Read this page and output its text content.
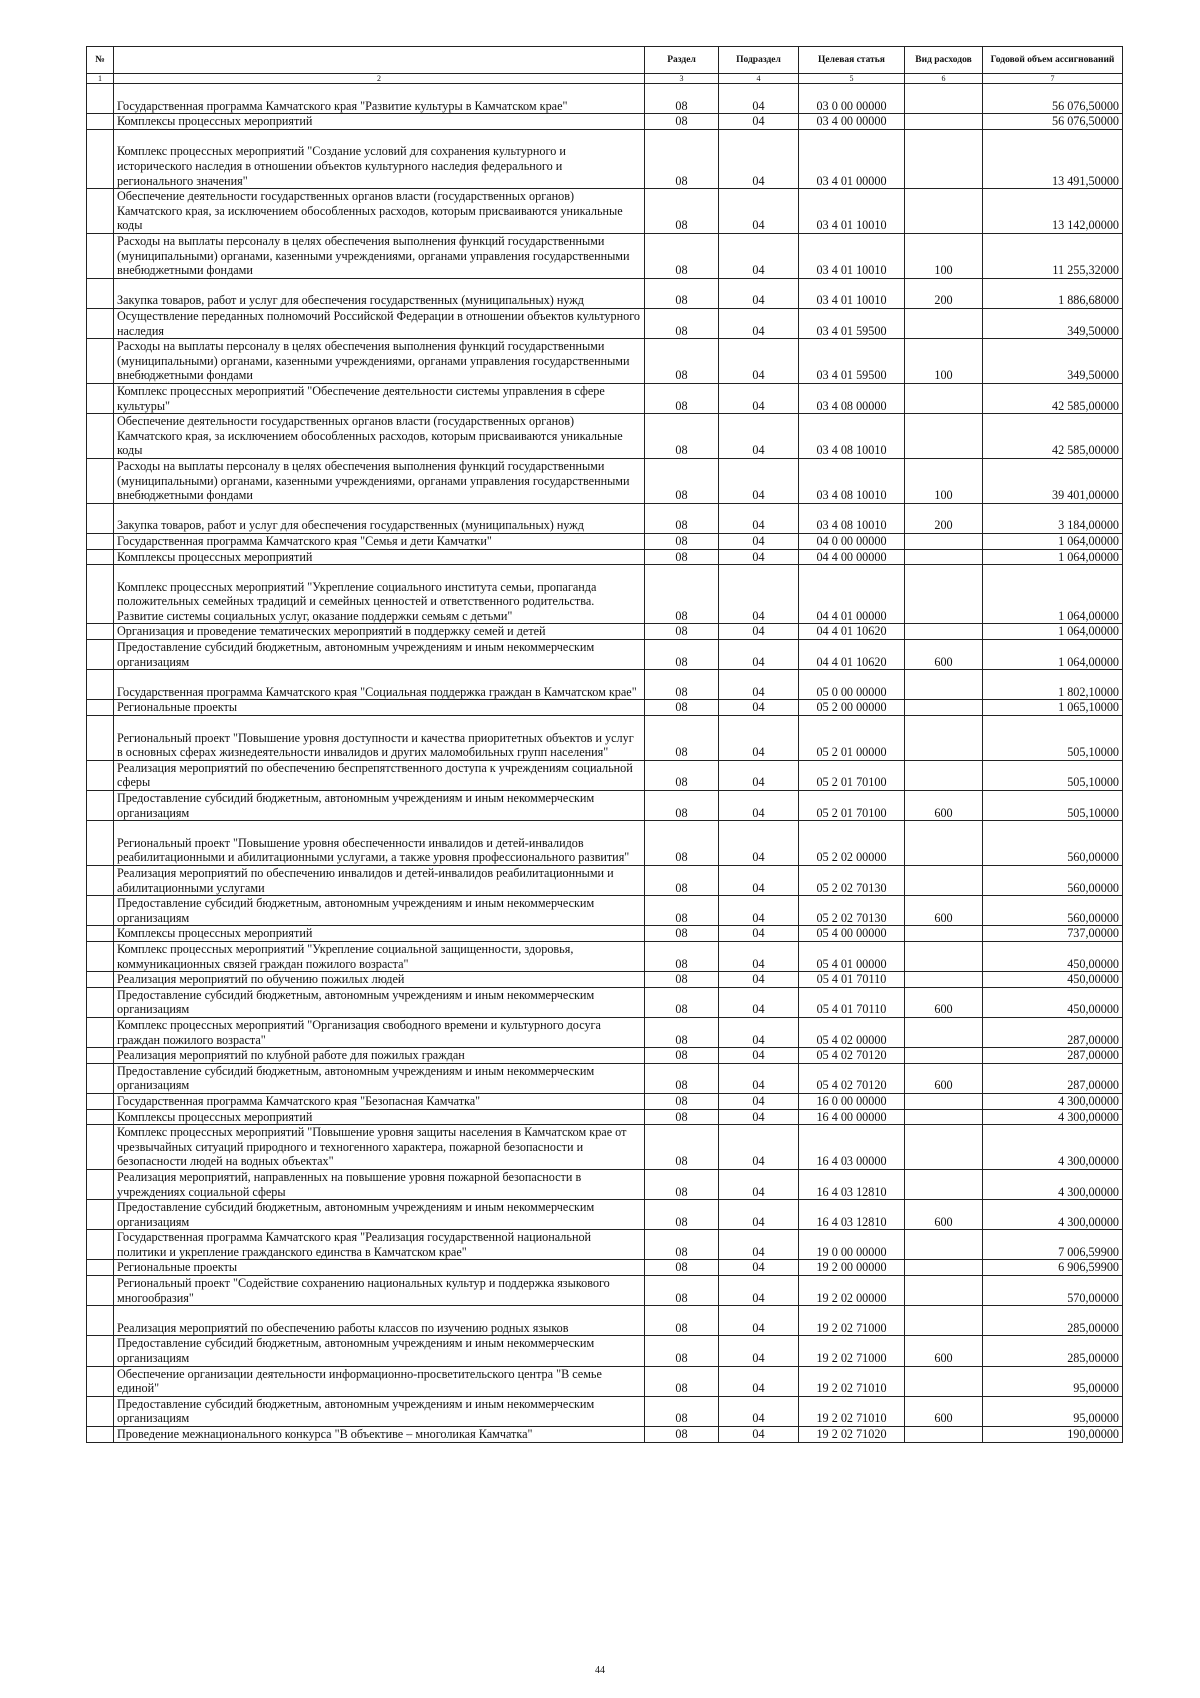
№		Раздел	Подраздел	Целевая статья	Вид расходов	Годовой объем ассигнований
1	2	3	4	5	6	7
	Государственная программа Камчатского края "Развитие культуры в Камчатском крае"	08	04	03 0 00 00000		56 076,50000
	Комплексы процессных мероприятий	08	04	03 4 00 00000		56 076,50000
	Комплекс процессных мероприятий "Создание условий для сохранения культурного и исторического наследия в отношении объектов культурного наследия федерального и регионального значения"	08	04	03 4 01 00000		13 491,50000
	Обеспечение деятельности государственных органов власти (государственных органов) Камчатского края, за исключением обособленных расходов, которым присваиваются уникальные коды	08	04	03 4 01 10010		13 142,00000
	Расходы на выплаты персоналу в целях обеспечения выполнения функций государственными (муниципальными) органами, казенными учреждениями, органами управления государственными внебюджетными фондами	08	04	03 4 01 10010	100	11 255,32000
	Закупка товаров, работ и услуг для обеспечения государственных (муниципальных) нужд	08	04	03 4 01 10010	200	1 886,68000
	Осуществление переданных полномочий Российской Федерации в отношении объектов культурного наследия	08	04	03 4 01 59500		349,50000
	Расходы на выплаты персоналу в целях обеспечения выполнения функций государственными (муниципальными) органами, казенными учреждениями, органами управления государственными внебюджетными фондами	08	04	03 4 01 59500	100	349,50000
	Комплекс процессных мероприятий "Обеспечение деятельности системы управления в сфере культуры"	08	04	03 4 08 00000		42 585,00000
	Обеспечение деятельности государственных органов власти (государственных органов) Камчатского края, за исключением обособленных расходов, которым присваиваются уникальные коды	08	04	03 4 08 10010		42 585,00000
	Расходы на выплаты персоналу в целях обеспечения выполнения функций государственными (муниципальными) органами, казенными учреждениями, органами управления государственными внебюджетными фондами	08	04	03 4 08 10010	100	39 401,00000
	Закупка товаров, работ и услуг для обеспечения государственных (муниципальных) нужд	08	04	03 4 08 10010	200	3 184,00000
	Государственная программа Камчатского края "Семья и дети Камчатки"	08	04	04 0 00 00000		1 064,00000
	Комплексы процессных мероприятий	08	04	04 4 00 00000		1 064,00000
	Комплекс процессных мероприятий "Укрепление социального института семьи, пропаганда положительных семейных традиций и семейных ценностей и ответственного родительства. Развитие системы социальных услуг, оказание поддержки семьям с детьми"	08	04	04 4 01 00000		1 064,00000
	Организация и проведение тематических мероприятий в поддержку семей и детей	08	04	04 4 01 10620		1 064,00000
	Предоставление субсидий бюджетным, автономным учреждениям и иным некоммерческим организациям	08	04	04 4 01 10620	600	1 064,00000
	Государственная программа Камчатского края "Социальная поддержка граждан в Камчатском крае"	08	04	05 0 00 00000		1 802,10000
	Региональные проекты	08	04	05 2 00 00000		1 065,10000
	Региональный проект "Повышение уровня доступности и качества приоритетных объектов и услуг в основных сферах жизнедеятельности инвалидов и других маломобильных групп населения"	08	04	05 2 01 00000		505,10000
	Реализация мероприятий по обеспечению беспрепятственного доступа к учреждениям социальной сферы	08	04	05 2 01 70100		505,10000
	Предоставление субсидий бюджетным, автономным учреждениям и иным некоммерческим организациям	08	04	05 2 01 70100	600	505,10000
	Региональный проект "Повышение уровня обеспеченности инвалидов и детей-инвалидов реабилитационными и абилитационными услугами, а также уровня профессионального развития"	08	04	05 2 02 00000		560,00000
	Реализация мероприятий по обеспечению инвалидов и детей-инвалидов реабилитационными и абилитационными услугами	08	04	05 2 02 70130		560,00000
	Предоставление субсидий бюджетным, автономным учреждениям и иным некоммерческим организациям	08	04	05 2 02 70130	600	560,00000
	Комплексы процессных мероприятий	08	04	05 4 00 00000		737,00000
	Комплекс процессных мероприятий "Укрепление социальной защищенности, здоровья, коммуникационных связей граждан пожилого возраста"	08	04	05 4 01 00000		450,00000
	Реализация мероприятий по обучению пожилых людей	08	04	05 4 01 70110		450,00000
	Предоставление субсидий бюджетным, автономным учреждениям и иным некоммерческим организациям	08	04	05 4 01 70110	600	450,00000
	Комплекс процессных мероприятий "Организация свободного времени и культурного досуга граждан пожилого возраста"	08	04	05 4 02 00000		287,00000
	Реализация мероприятий по клубной работе для пожилых граждан	08	04	05 4 02 70120		287,00000
	Предоставление субсидий бюджетным, автономным учреждениям и иным некоммерческим организациям	08	04	05 4 02 70120	600	287,00000
	Государственная программа Камчатского края "Безопасная Камчатка"	08	04	16 0 00 00000		4 300,00000
	Комплексы процессных мероприятий	08	04	16 4 00 00000		4 300,00000
	Комплекс процессных мероприятий "Повышение уровня защиты населения в Камчатском крае от чрезвычайных ситуаций природного и техногенного характера, пожарной безопасности и безопасности людей на водных объектах"	08	04	16 4 03 00000		4 300,00000
	Реализация мероприятий, направленных на повышение уровня пожарной безопасности в учреждениях социальной сферы	08	04	16 4 03 12810		4 300,00000
	Предоставление субсидий бюджетным, автономным учреждениям и иным некоммерческим организациям	08	04	16 4 03 12810	600	4 300,00000
	Государственная программа Камчатского края "Реализация государственной национальной политики и укрепление гражданского единства в Камчатском крае"	08	04	19 0 00 00000		7 006,59900
	Региональные проекты	08	04	19 2 00 00000		6 906,59900
	Региональный проект "Содействие сохранению национальных культур и поддержка языкового многообразия"	08	04	19 2 02 00000		570,00000
	Реализация мероприятий по обеспечению работы классов по изучению родных языков	08	04	19 2 02 71000		285,00000
	Предоставление субсидий бюджетным, автономным учреждениям и иным некоммерческим организациям	08	04	19 2 02 71000	600	285,00000
	Обеспечение организации деятельности информационно-просветительского центра "В семье единой"	08	04	19 2 02 71010		95,00000
	Предоставление субсидий бюджетным, автономным учреждениям и иным некоммерческим организациям	08	04	19 2 02 71010	600	95,00000
	Проведение межнационального конкурса "В объективе – многоликая Камчатка"	08	04	19 2 02 71020		190,00000
44
